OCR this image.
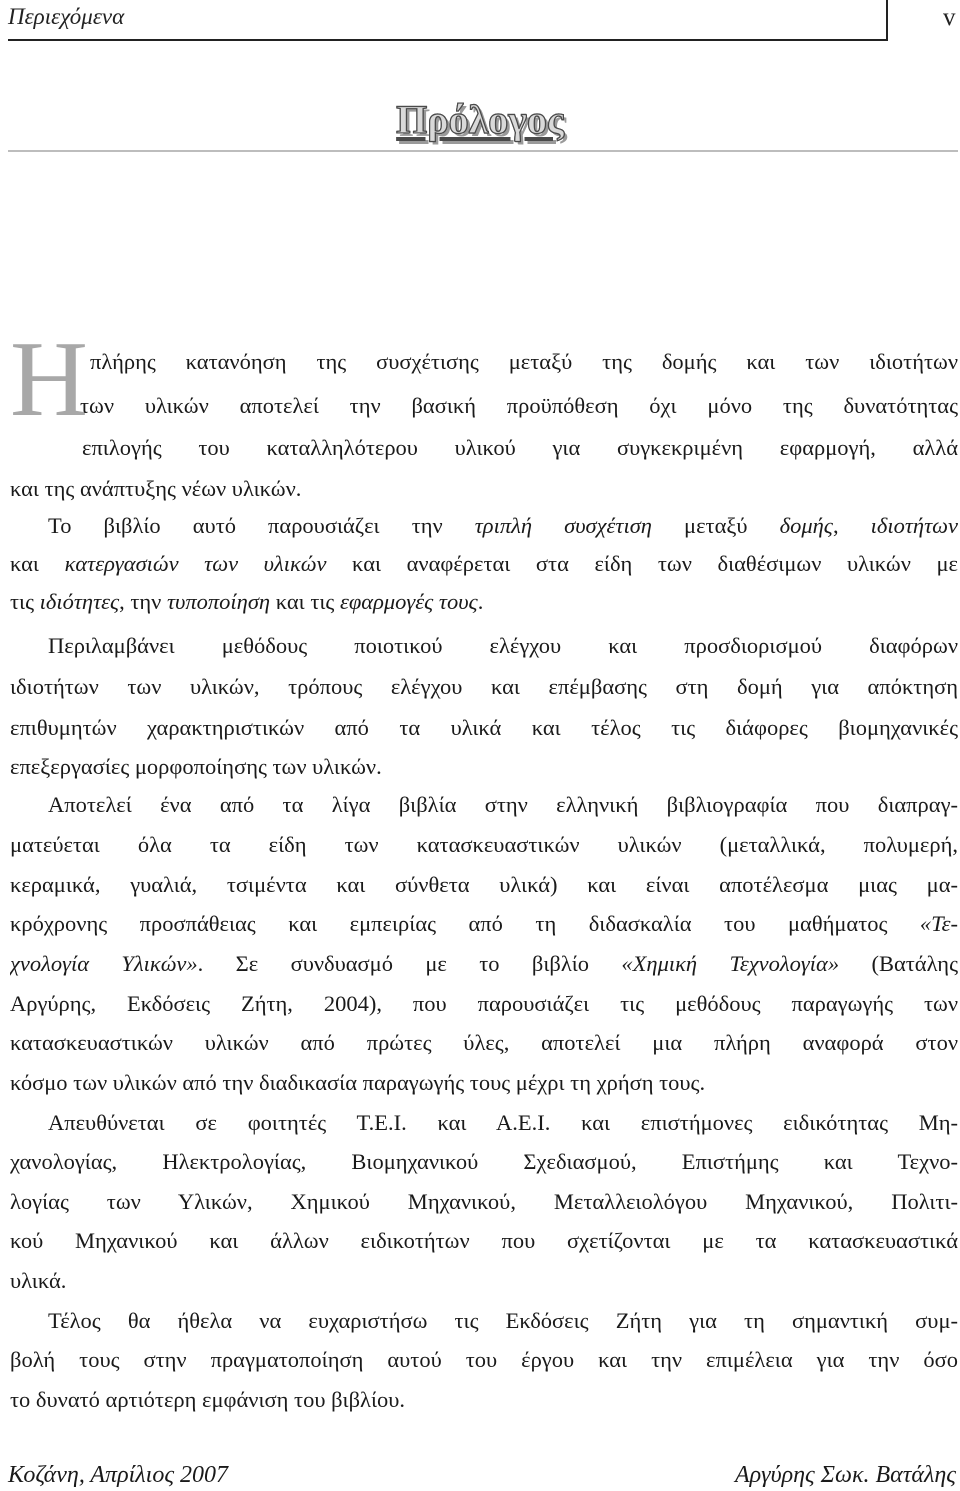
Περιεχόμενα	v
Πρόλογος
Η πλήρης κατανόηση της συσχέτισης μεταξύ της δομής και των ιδιοτήτων
των υλικών αποτελεί την βασική προϋπόθεση όχι μόνο της δυνατότητας
επιλογής του καταλληλότερου υλικού για συγκεκριμένη εφαρμογή, αλλά
και της ανάπτυξης νέων υλικών.
Το βιβλίο αυτό παρουσιάζει την τριπλή συσχέτιση μεταξύ δομής, ιδιοτήτων
και κατεργασιών των υλικών και αναφέρεται στα είδη των διαθέσιμων υλικών με
τις ιδιότητες, την τυποποίηση και τις εφαρμογές τους.
Περιλαμβάνει μεθόδους ποιοτικού ελέγχου και προσδιορισμού διαφόρων
ιδιοτήτων των υλικών, τρόπους ελέγχου και επέμβασης στη δομή για απόκτηση
επιθυμητών χαρακτηριστικών από τα υλικά και τέλος τις διάφορες βιομηχανικές
επεξεργασίες μορφοποίησης των υλικών.
Αποτελεί ένα από τα λίγα βιβλία στην ελληνική βιβλιογραφία που διαπραγ-
ματεύεται όλα τα είδη των κατασκευαστικών υλικών (μεταλλικά, πολυμερή,
κεραμικά, γυαλιά, τσιμέντα και σύνθετα υλικά) και είναι αποτέλεσμα μιας μα-
κρόχρονης προσπάθειας και εμπειρίας από τη διδασκαλία του μαθήματος «Τε-
χνολογία Υλικών». Σε συνδυασμό με το βιβλίο «Χημική Τεχνολογία» (Βατάλης
Αργύρης, Εκδόσεις Ζήτη, 2004), που παρουσιάζει τις μεθόδους παραγωγής των
κατασκευαστικών υλικών από πρώτες ύλες, αποτελεί μια πλήρη αναφορά στον
κόσμο των υλικών από την διαδικασία παραγωγής τους μέχρι τη χρήση τους.
Απευθύνεται σε φοιτητές Τ.Ε.Ι. και Α.Ε.Ι. και επιστήμονες ειδικότητας Μη-
χανολογίας, Ηλεκτρολογίας, Βιομηχανικού Σχεδιασμού, Επιστήμης και Τεχνο-
λογίας των Υλικών, Χημικού Μηχανικού, Μεταλλειολόγου Μηχανικού, Πολιτι-
κού Μηχανικού και άλλων ειδικοτήτων που σχετίζονται με τα κατασκευαστικά
υλικά.
Τέλος θα ήθελα να ευχαριστήσω τις Εκδόσεις Ζήτη για τη σημαντική συμ-
βολή τους στην πραγματοποίηση αυτού του έργου και την επιμέλεια για την όσο
το δυνατό αρτιότερη εμφάνιση του βιβλίου.
Κοζάνη, Απρίλιος 2007	Αργύρης Σωκ. Βατάλης
